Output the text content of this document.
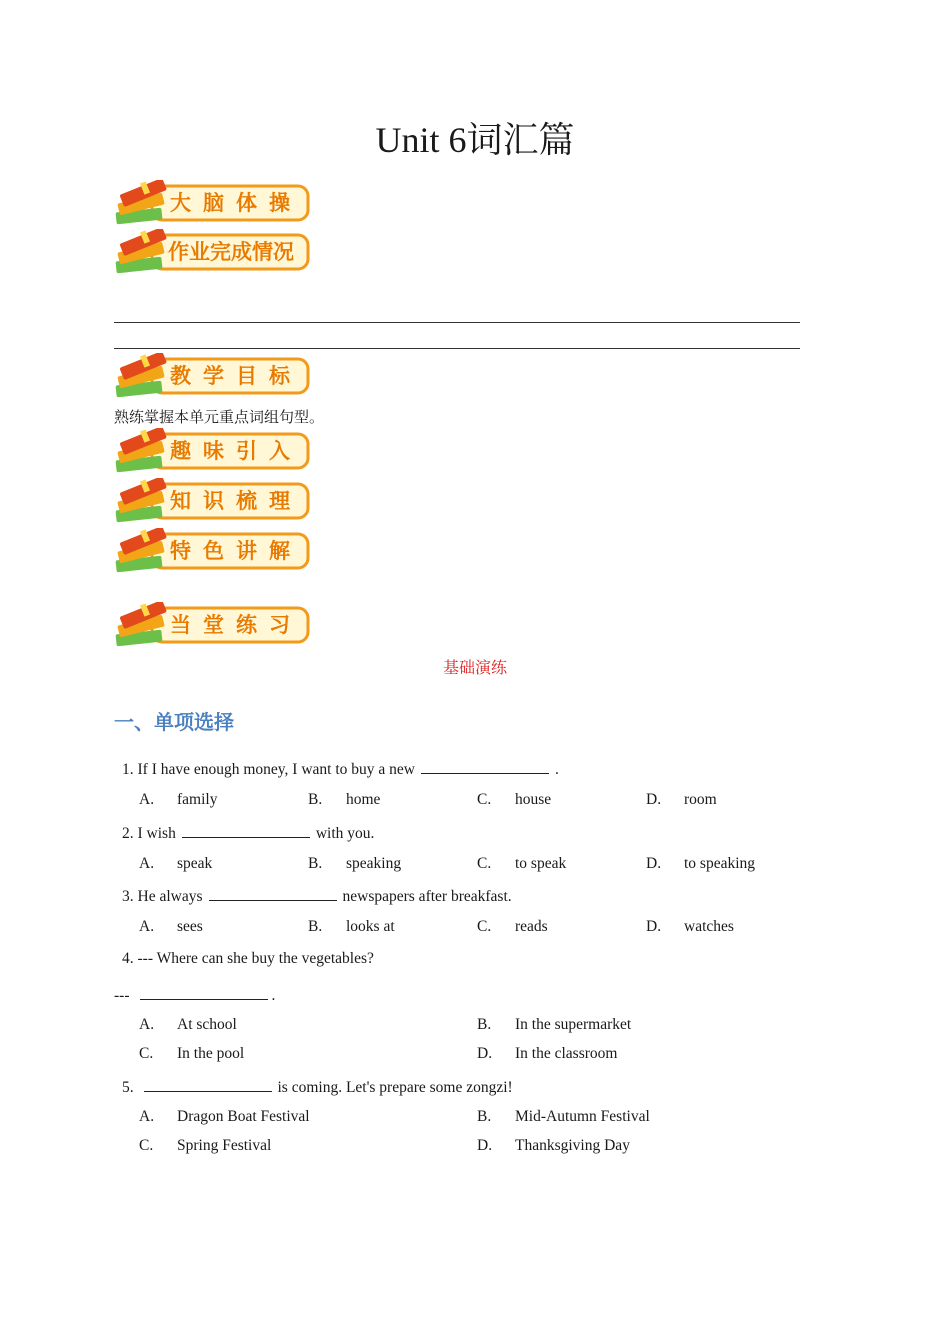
Unit 6词汇篇
大脑体操
作业完成情况
教学目标
趣味引入
知识梳理
特色讲解
当堂练习
熟练掌握本单元重点词组句型。
基础演练
一、单项选择
1. If I have enough money, I want to buy a new	.
A. family	B. home	C. house	D. room
2. I wish	with you.
A. speak	B. speaking	C. to speak	D. to speaking
3. He always	newspapers after breakfast.
A. sees	B. looks at	C. reads	D. watches
4. --- Where can she buy the vegetables?
---	.
A. At school	B. In the supermarket
C. In the pool	D. In the classroom
5.	is coming. Let's prepare some zongzi!
A. Dragon Boat Festival	B. Mid-Autumn Festival
C. Spring Festival	D. Thanksgiving Day
